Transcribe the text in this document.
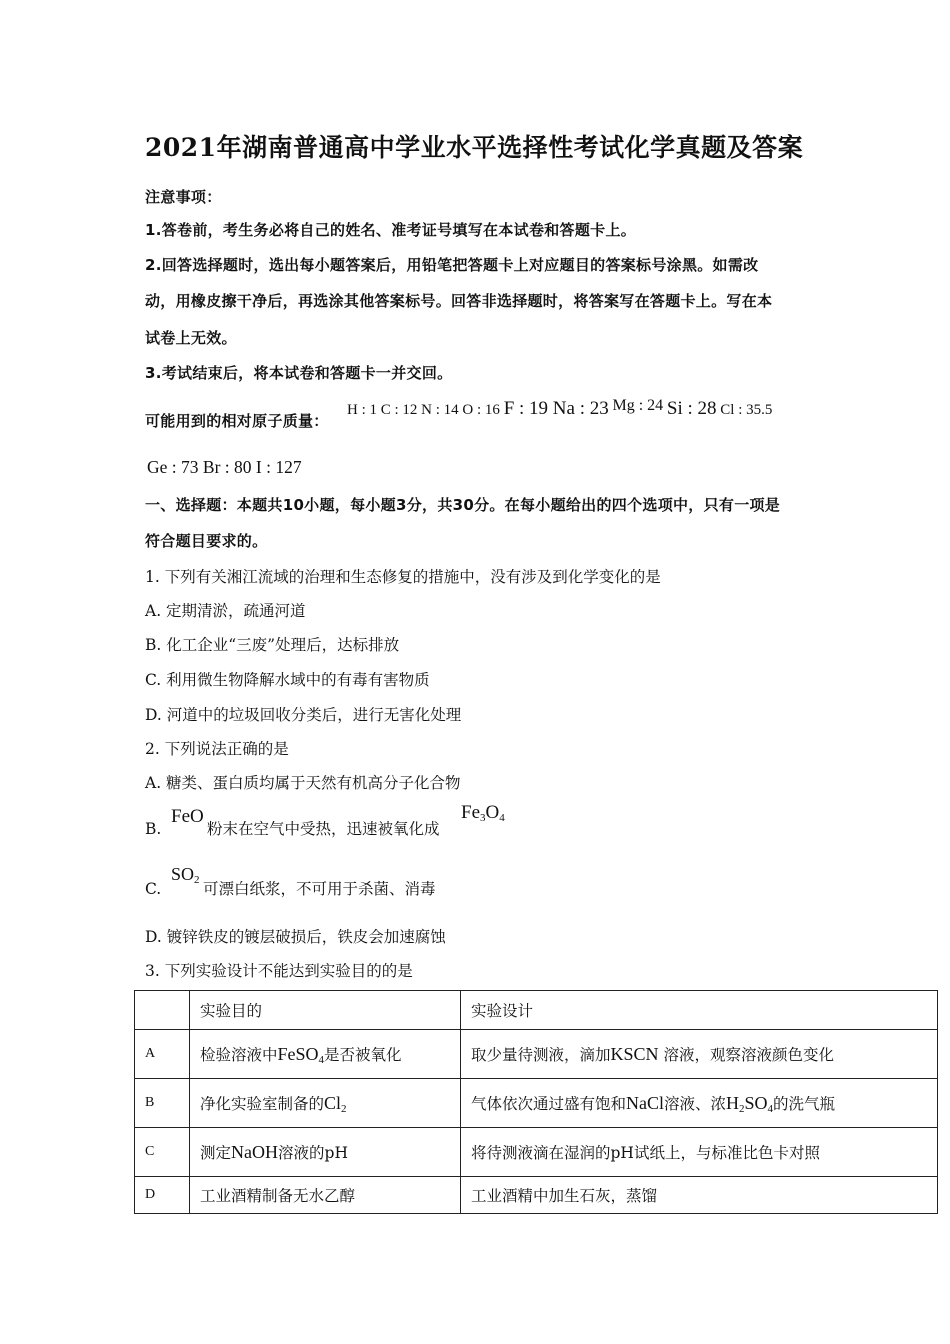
2021年湖南普通高中学业水平选择性考试化学真题及答案
注意事项：
1.答卷前，考生务必将自己的姓名、准考证号填写在本试卷和答题卡上。
2.回答选择题时，选出每小题答案后，用铅笔把答题卡上对应题目的答案标号涂黑。如需改
动，用橡皮擦干净后，再选涂其他答案标号。回答非选择题时，将答案写在答题卡上。写在本
试卷上无效。
3.考试结束后，将本试卷和答题卡一并交回。
可能用到的相对原子质量：
H : 1 C : 12 N : 14 O : 16 F : 19 Na : 23 Mg : 24 Si : 28 Cl : 35.5
Ge : 73 Br : 80 I : 127
一、选择题：本题共10小题，每小题3分，共30分。在每小题给出的四个选项中，只有一项是
符合题目要求的。
1. 下列有关湘江流域的治理和生态修复的措施中，没有涉及到化学变化的是
A. 定期清淤，疏通河道
B. 化工企业“三废”处理后，达标排放
C. 利用微生物降解水域中的有毒有害物质
D. 河道中的垃圾回收分类后，进行无害化处理
2. 下列说法正确的是
A. 糖类、蛋白质均属于天然有机高分子化合物
B.
FeO
粉末在空气中受热，迅速被氧化成
$Fe_3O_4$
C.
$SO_2$ 可漂白纸浆，不可用于杀菌、消毒
D. 镀锌铁皮的镀层破损后，铁皮会加速腐蚀
3. 下列实验设计不能达到实验目的的是
	实验目的	实验设计
A	检验溶液中FeSO$_4$是否被氧化	取少量待测液，滴加KSCN 溶液，观察溶液颜色变化
B	净化实验室制备的$Cl_2$	气体依次通过盛有饱和NaCl溶液、浓$H_2SO_4$的洗气瓶
C	测定NaOH溶液的pH	将待测液滴在湿润的pH试纸上，与标准比色卡对照
D	工业酒精制备无水乙醇	工业酒精中加生石灰，蒸馏
